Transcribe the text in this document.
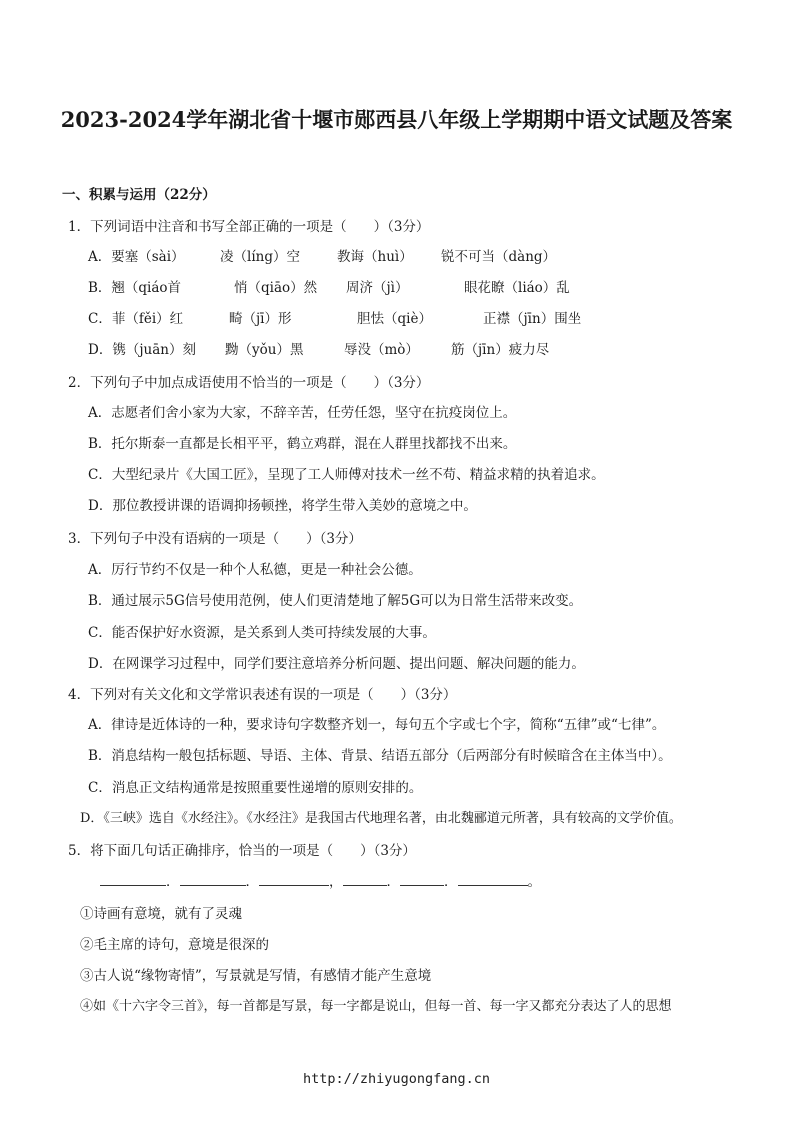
2023-2024学年湖北省十堰市郧西县八年级上学期期中语文试题及答案
一、积累与运用（22分）
1．下列词语中注音和书写全部正确的一项是（　　）（3分）
A．要塞（sài）	凌（líng）空	教诲（huì） 锐不可当（dàng）
B．翘（qiáo首	悄（qiāo）然 周济（jì）	眼花瞭（liáo）乱
C．菲（fěi）红	畸（jī）形	胆怯（qiè）	正襟（jīn）围坐
D．镌（juān）刻 黝（yǒu）黑	辱没（mò） 筋（jīn）疲力尽
2．下列句子中加点成语使用不恰当的一项是（　　）（3分）
A．志愿者们舍小家为大家，不辞辛苦，任劳任怨，坚守在抗疫岗位上。
B．托尔斯泰一直都是长相平平，鹤立鸡群，混在人群里找都找不出来。
C．大型纪录片《大国工匠》，呈现了工人师傅对技术一丝不苟、精益求精的执着追求。
D．那位教授讲课的语调抑扬顿挫，将学生带入美妙的意境之中。
3．下列句子中没有语病的一项是（　　）（3分）
A．厉行节约不仅是一种个人私德，更是一种社会公德。
B．通过展示5G信号使用范例，使人们更清楚地了解5G可以为日常生活带来改变。
C．能否保护好水资源，是关系到人类可持续发展的大事。
D．在网课学习过程中，同学们要注意培养分析问题、提出问题、解决问题的能力。
4．下列对有关文化和文学常识表述有误的一项是（　　）（3分）
A．律诗是近体诗的一种，要求诗句字数整齐划一，每句五个字或七个字，简称“五律”或“七律”。
B．消息结构一般包括标题、导语、主体、背景、结语五部分（后两部分有时候暗含在主体当中）。
C．消息正文结构通常是按照重要性递增的原则安排的。
D．《三峡》选自《水经注》。《水经注》是我国古代地理名著，由北魏郦道元所著，具有较高的文学价值。
5．将下面几句话正确排序，恰当的一项是（　　）（3分）
．	．	，	．	．	。
①诗画有意境，就有了灵魂
②毛主席的诗句，意境是很深的
③古人说“缘物寄情”，写景就是写情，有感情才能产生意境
④如《十六字令三首》，每一首都是写景，每一字都是说山，但每一首、每一字又都充分表达了人的思想
http://zhiyugongfang.cn
